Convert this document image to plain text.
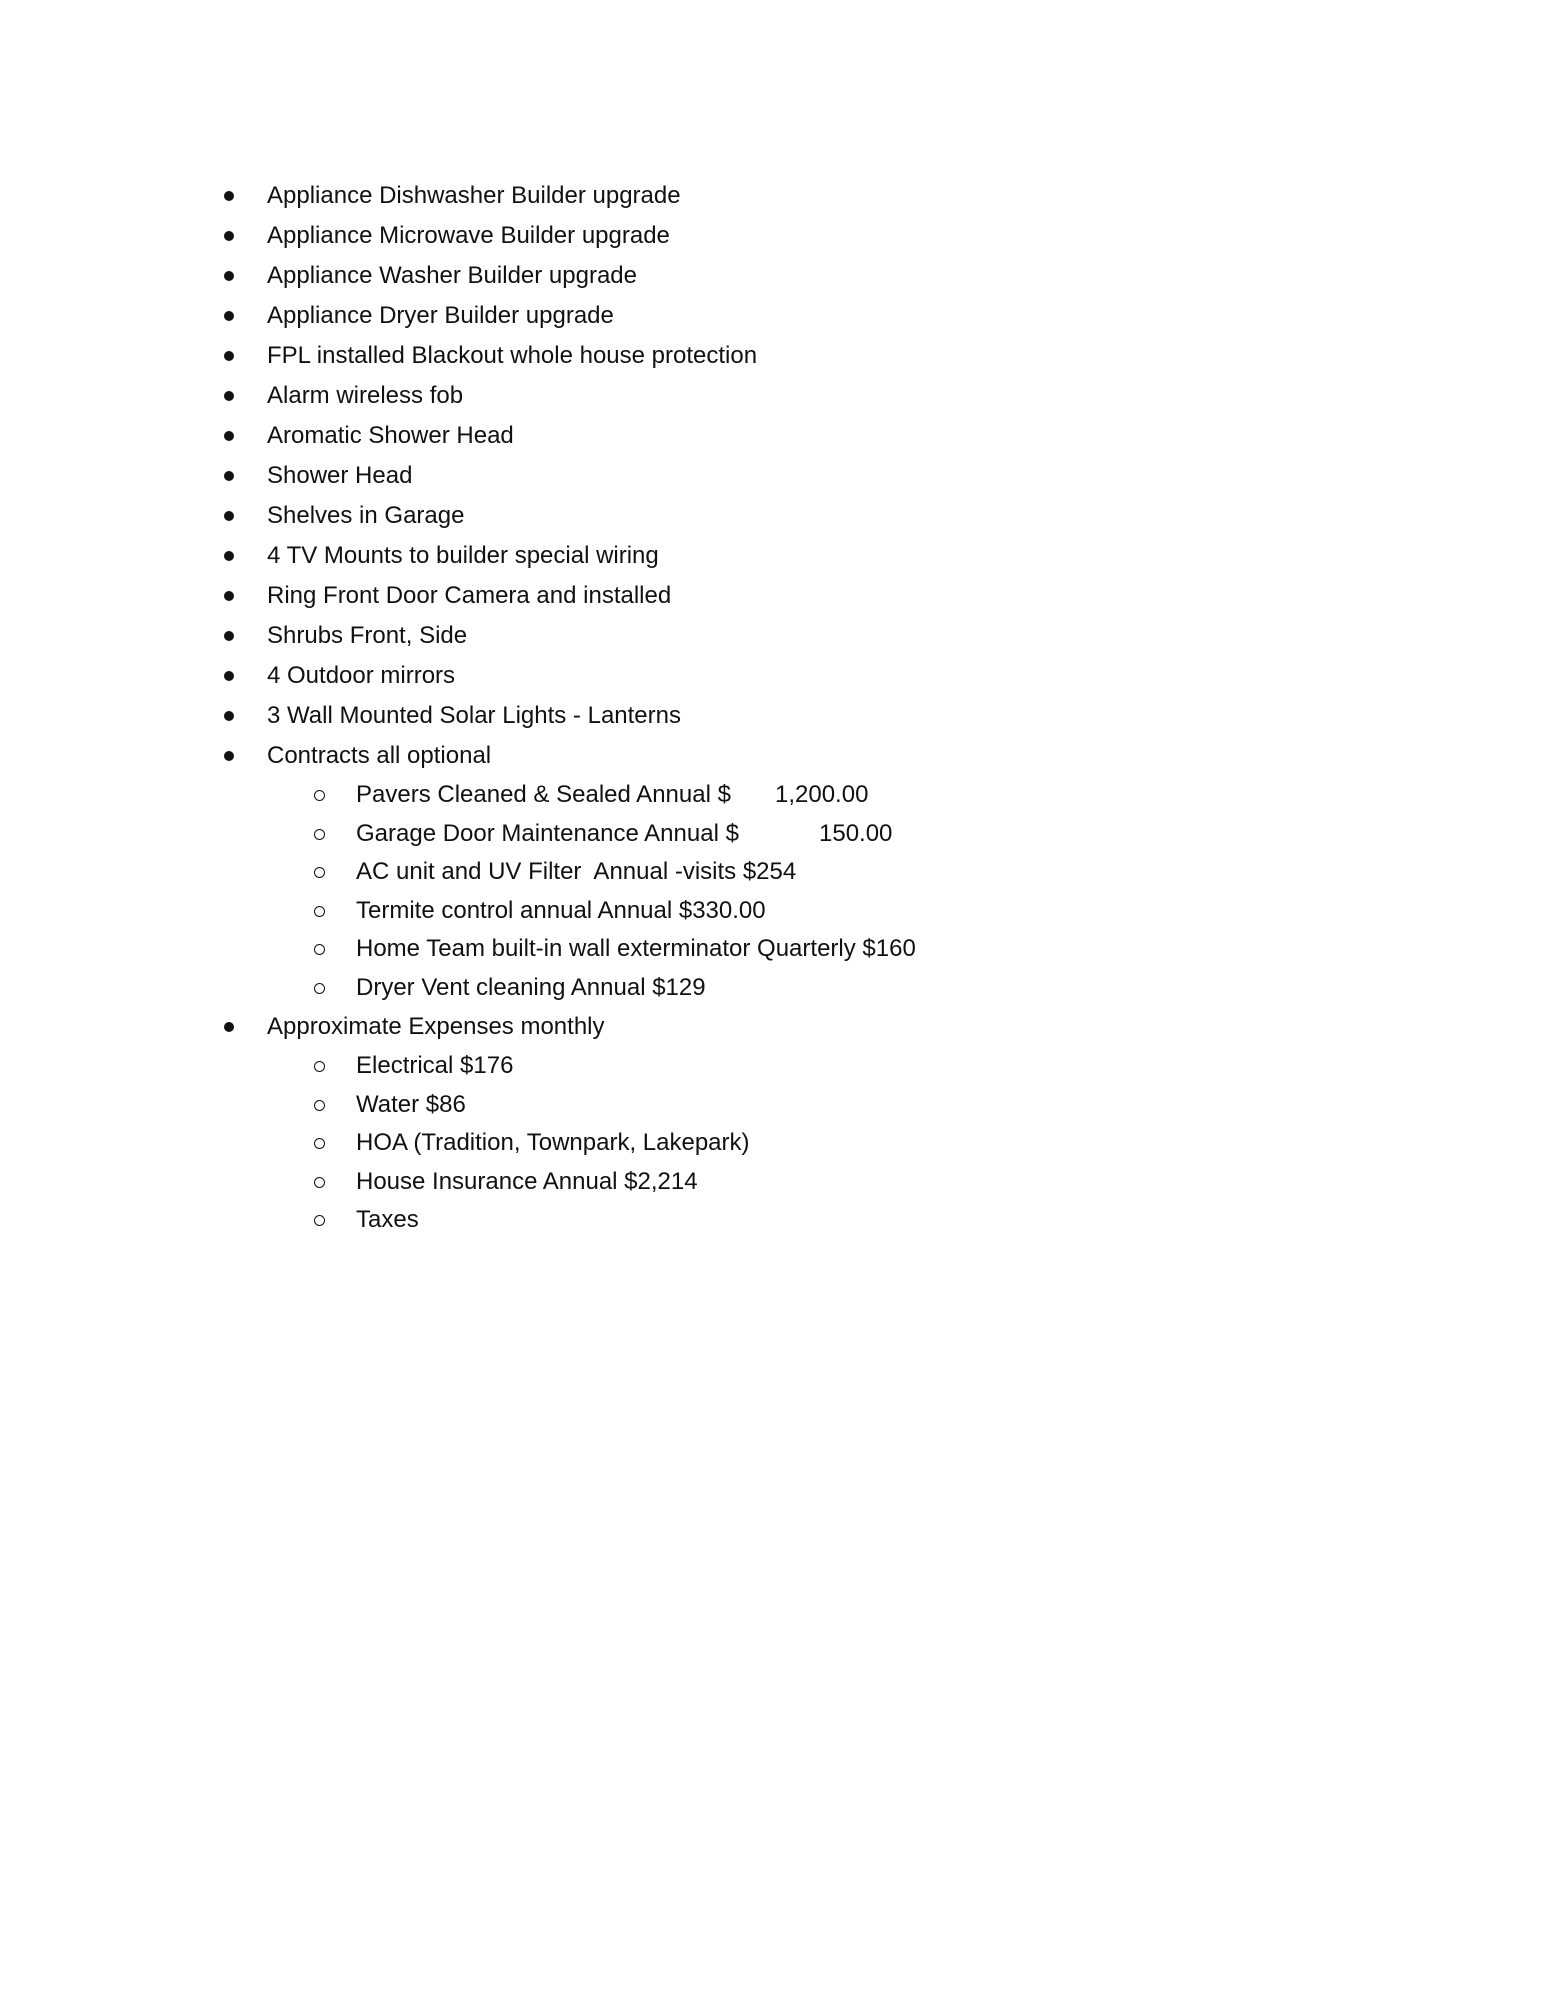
Appliance Dishwasher Builder upgrade
Appliance Microwave Builder upgrade
Appliance Washer Builder upgrade
Appliance Dryer Builder upgrade
FPL installed Blackout whole house protection
Alarm wireless fob
Aromatic Shower Head
Shower Head
Shelves in Garage
4 TV Mounts to builder special wiring
Ring Front Door Camera and installed
Shrubs Front, Side
4 Outdoor mirrors
3 Wall Mounted Solar Lights - Lanterns
Contracts all optional
Pavers Cleaned & Sealed Annual $ 1,200.00
Garage Door Maintenance Annual $	150.00
AC unit and UV Filter  Annual -visits $254
Termite control annual Annual $330.00
Home Team built-in wall exterminator Quarterly $160
Dryer Vent cleaning Annual $129
Approximate Expenses monthly
Electrical $176
Water $86
HOA (Tradition, Townpark, Lakepark)
House Insurance Annual $2,214
Taxes
